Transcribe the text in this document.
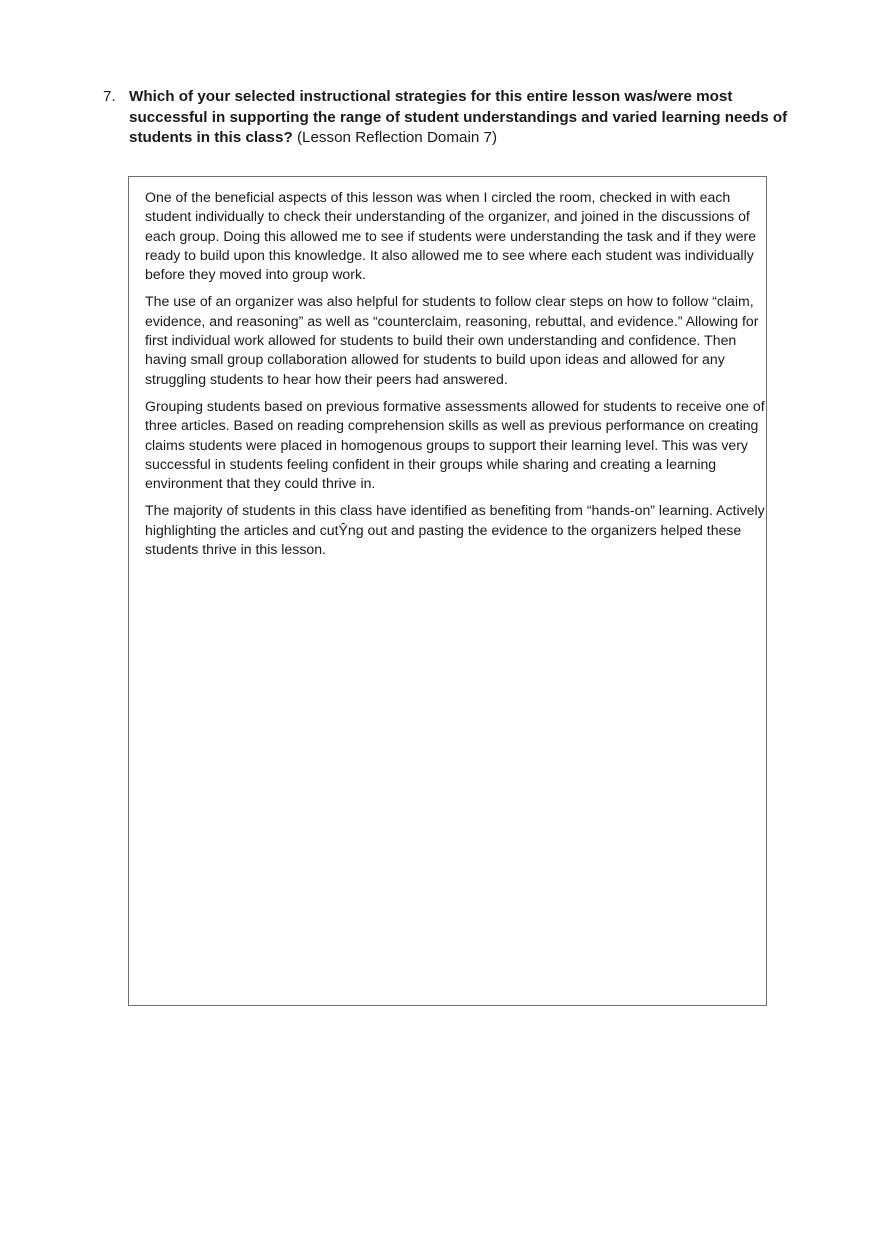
7. Which of your selected instructional strategies for this entire lesson was/were most successful in supporting the range of student understandings and varied learning needs of students in this class? (Lesson Reflection Domain 7)

One of the beneficial aspects of this lesson was when I circled the room, checked in with each student individually to check their understanding of the organizer, and joined in the discussions of each group. Doing this allowed me to see if students were understanding the task and if they were ready to build upon this knowledge. It also allowed me to see where each student was individually before they moved into group work.

The use of an organizer was also helpful for students to follow clear steps on how to follow “claim, evidence, and reasoning” as well as “counterclaim, reasoning, rebuttal, and evidence.” Allowing for first individual work allowed for students to build their own understanding and confidence. Then having small group collaboration allowed for students to build upon ideas and allowed for any struggling students to hear how their peers had answered.

Grouping students based on previous formative assessments allowed for students to receive one of three articles. Based on reading comprehension skills as well as previous performance on creating claims students were placed in homogenous groups to support their learning level. This was very successful in students feeling confident in their groups while sharing and creating a learning environment that they could thrive in.

The majority of students in this class have identified as benefiting from “hands-on” learning. Actively highlighting the articles and cutŶng out and pasting the evidence to the organizers helped these students thrive in this lesson.
